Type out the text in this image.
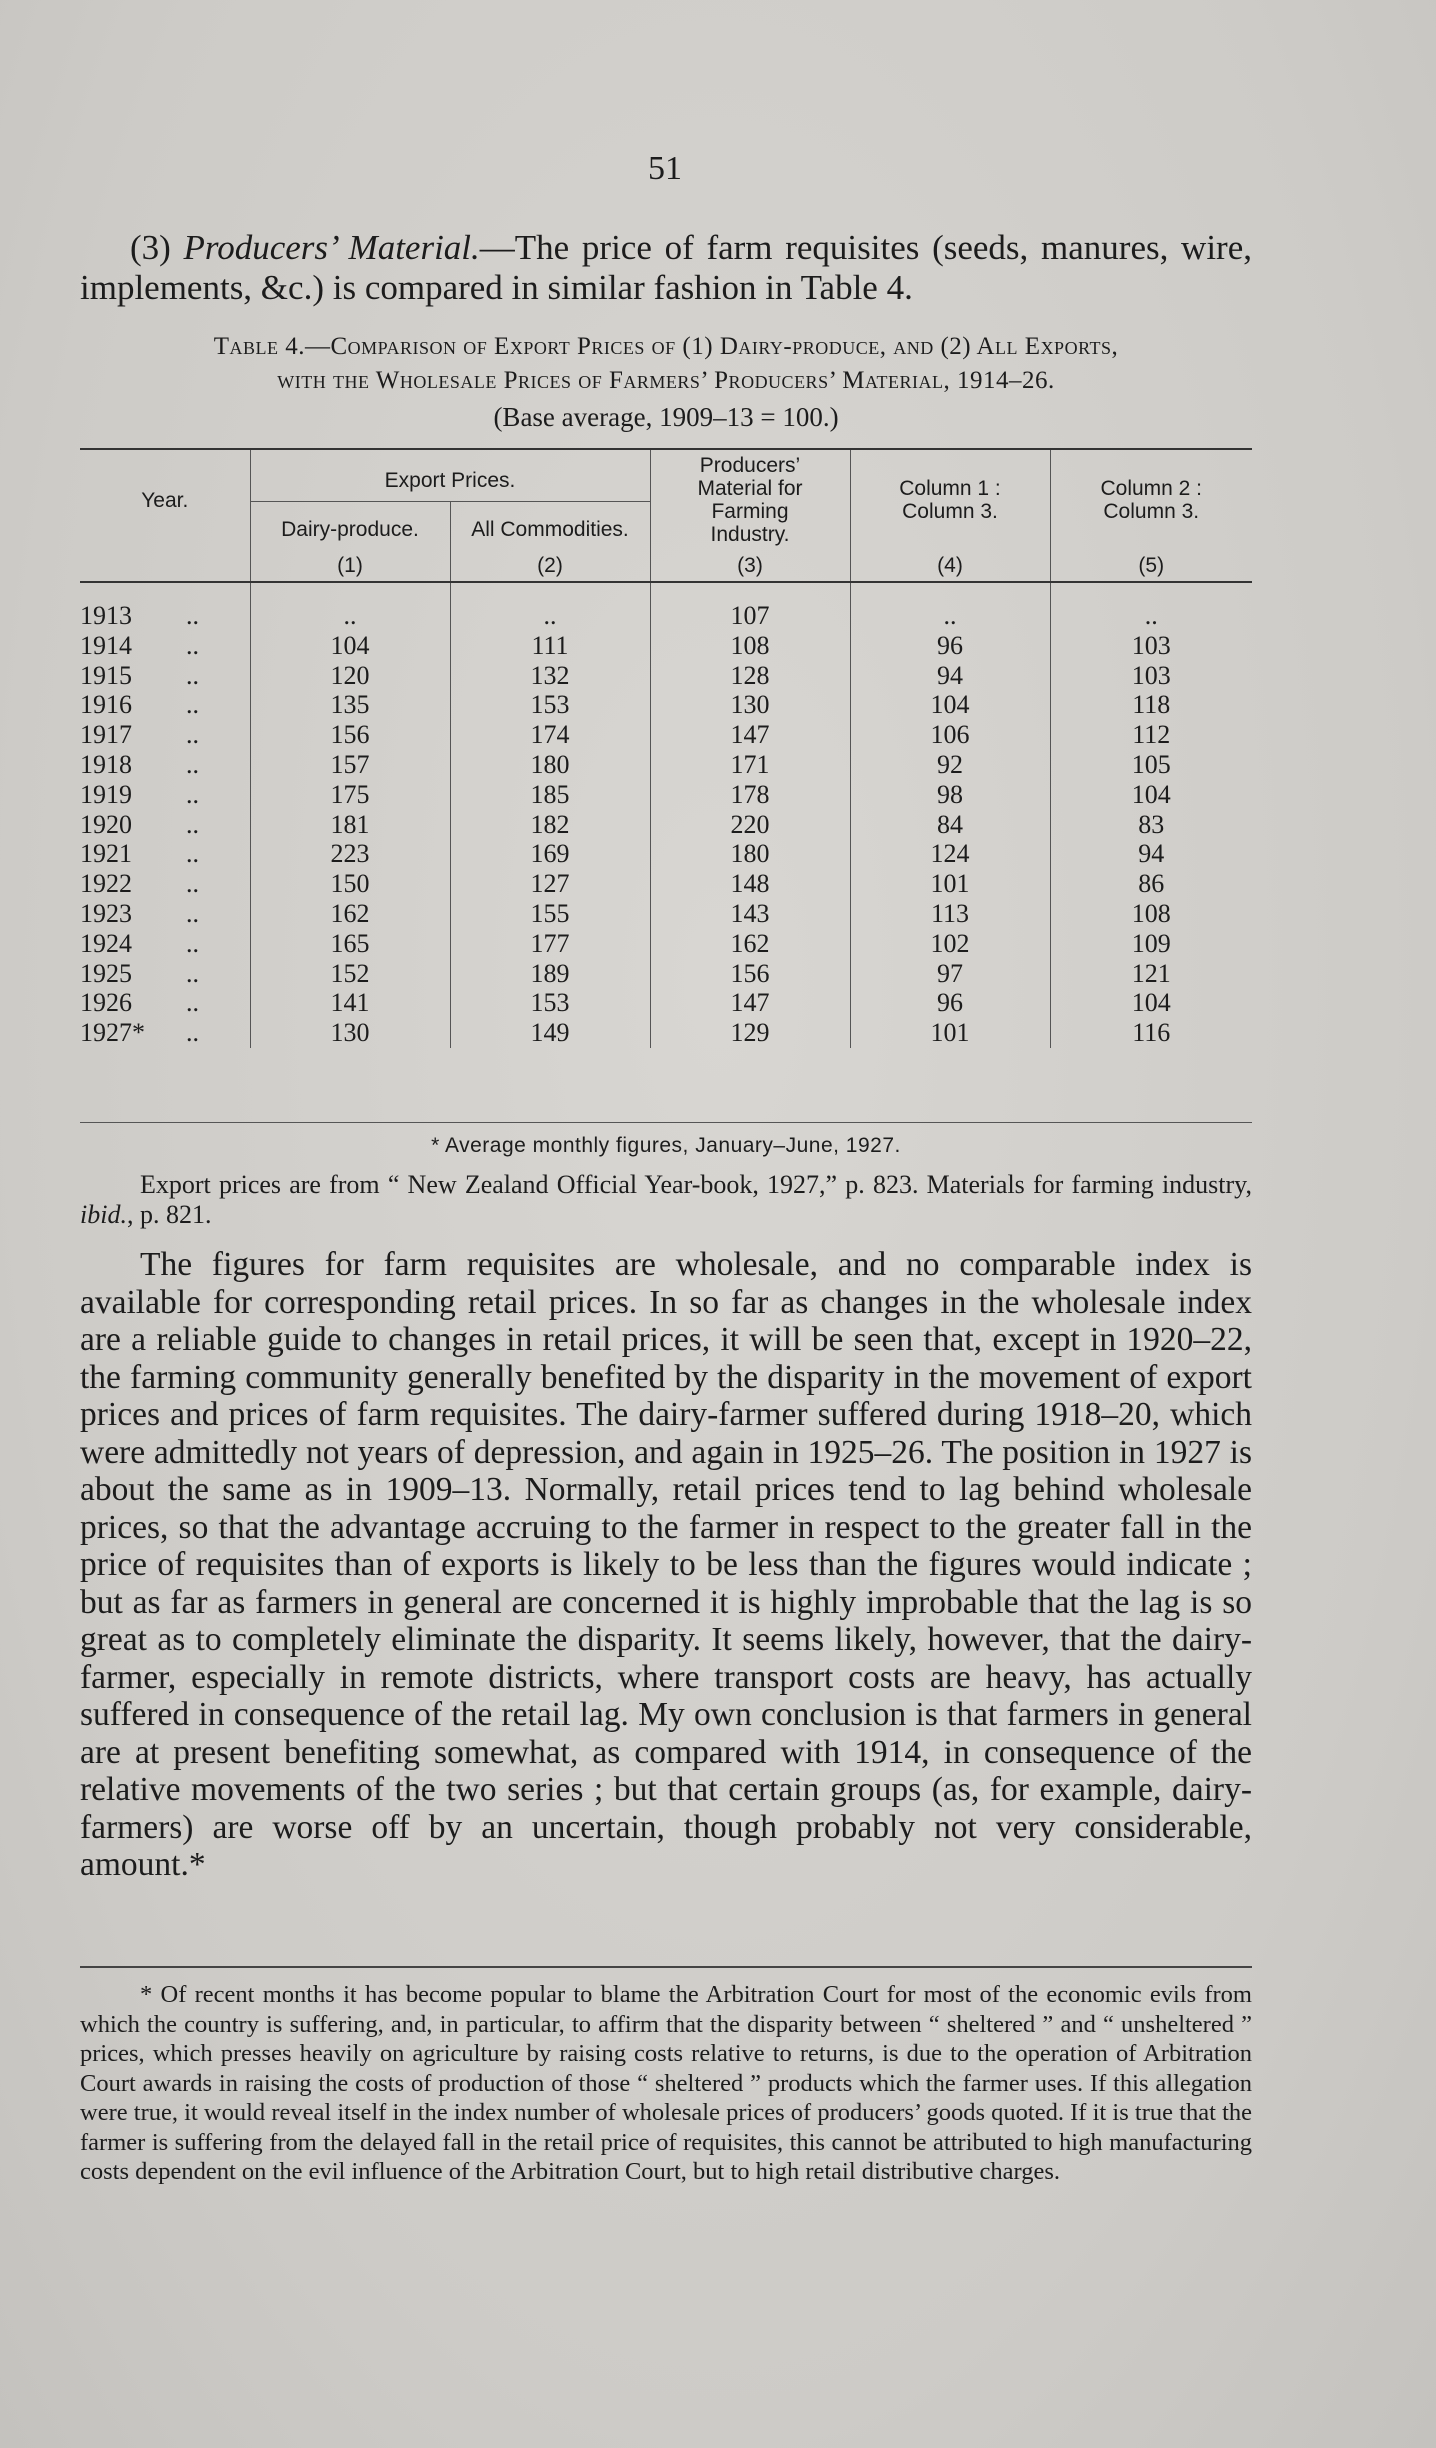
51

(3) Producers’ Material.—The price of farm requisites (seeds, manures, wire, implements, &c.) is compared in similar fashion in Table 4.

Table 4.—Comparison of Export Prices of (1) Dairy-produce, and (2) All Exports,
with the Wholesale Prices of Farmers’ Producers’ Material, 1914–26.
(Base average, 1909–13 = 100.)
Year.	Export Prices.		Producers’ Material for Farming Industry.	Column 1 : Column 3.	Column 2 : Column 3.
	Dairy-produce.	All Commodities.			
	(1)	(2)	(3)	(4)	(5)

1913 ..	..	..	107	..	..
1914 ..	104	111	108	96	103
1915 ..	120	132	128	94	103
1916 ..	135	153	130	104	118
1917 ..	156	174	147	106	112
1918 ..	157	180	171	92	105
1919 ..	175	185	178	98	104
1920 ..	181	182	220	84	83
1921 ..	223	169	180	124	94
1922 ..	150	127	148	101	86
1923 ..	162	155	143	113	108
1924 ..	165	177	162	102	109
1925 ..	152	189	156	97	121
1926 ..	141	153	147	96	104
1927* ..	130	149	129	101	116
* Average monthly figures, January–June, 1927.

Export prices are from “ New Zealand Official Year-book, 1927,” p. 823. Materials for farming industry, ibid., p. 821.

The figures for farm requisites are wholesale, and no comparable index is available for corresponding retail prices. In so far as changes in the wholesale index are a reliable guide to changes in retail prices, it will be seen that, except in 1920–22, the farming community generally benefited by the disparity in the movement of export prices and prices of farm requisites. The dairy-farmer suffered during 1918–20, which were admittedly not years of depression, and again in 1925–26. The position in 1927 is about the same as in 1909–13. Normally, retail prices tend to lag behind wholesale prices, so that the advantage accruing to the farmer in respect to the greater fall in the price of requisites than of exports is likely to be less than the figures would indicate ; but as far as farmers in general are concerned it is highly improbable that the lag is so great as to completely eliminate the disparity. It seems likely, however, that the dairy-farmer, especially in remote districts, where transport costs are heavy, has actually suffered in consequence of the retail lag. My own conclusion is that farmers in general are at present benefiting somewhat, as compared with 1914, in consequence of the relative movements of the two series ; but that certain groups (as, for example, dairy-farmers) are worse off by an uncertain, though probably not very considerable, amount.*

* Of recent months it has become popular to blame the Arbitration Court for most of the economic evils from which the country is suffering, and, in particular, to affirm that the disparity between “ sheltered ” and “ unsheltered ” prices, which presses heavily on agriculture by raising costs relative to returns, is due to the operation of Arbitration Court awards in raising the costs of production of those “ sheltered ” products which the farmer uses. If this allegation were true, it would reveal itself in the index number of wholesale prices of producers’ goods quoted. If it is true that the farmer is suffering from the delayed fall in the retail price of requisites, this cannot be attributed to high manufacturing costs dependent on the evil influence of the Arbitration Court, but to high retail distributive charges.
